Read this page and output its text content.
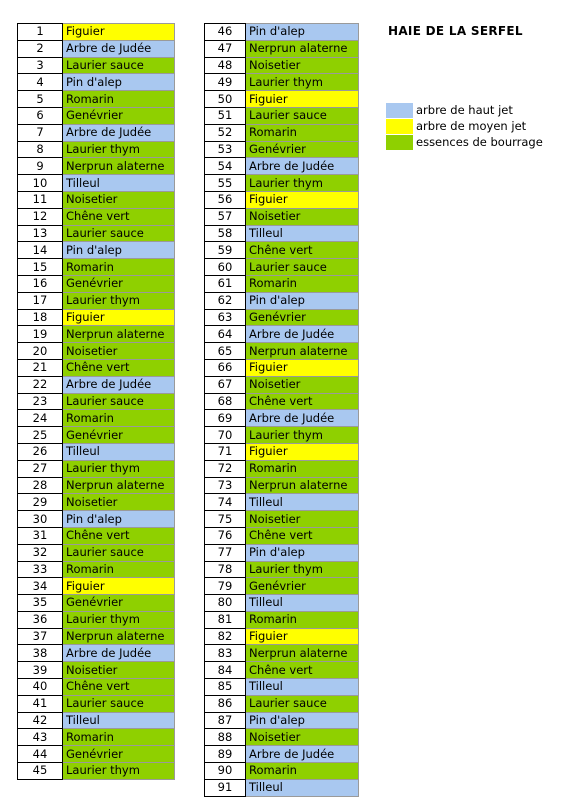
1	Figuier
2	Arbre de Judée
3	Laurier sauce
4	Pin d'alep
5	Romarin
6	Genévrier
7	Arbre de Judée
8	Laurier thym
9	Nerprun alaterne
10	Tilleul
11	Noisetier
12	Chêne vert
13	Laurier sauce
14	Pin d'alep
15	Romarin
16	Genévrier
17	Laurier thym
18	Figuier
19	Nerprun alaterne
20	Noisetier
21	Chêne vert
22	Arbre de Judée
23	Laurier sauce
24	Romarin
25	Genévrier
26	Tilleul
27	Laurier thym
28	Nerprun alaterne
29	Noisetier
30	Pin d'alep
31	Chêne vert
32	Laurier sauce
33	Romarin
34	Figuier
35	Genévrier
36	Laurier thym
37	Nerprun alaterne
38	Arbre de Judée
39	Noisetier
40	Chêne vert
41	Laurier sauce
42	Tilleul
43	Romarin
44	Genévrier
45	Laurier thym
46	Pin d'alep
47	Nerprun alaterne
48	Noisetier
49	Laurier thym
50	Figuier
51	Laurier sauce
52	Romarin
53	Genévrier
54	Arbre de Judée
55	Laurier thym
56	Figuier
57	Noisetier
58	Tilleul
59	Chêne vert
60	Laurier sauce
61	Romarin
62	Pin d'alep
63	Genévrier
64	Arbre de Judée
65	Nerprun alaterne
66	Figuier
67	Noisetier
68	Chêne vert
69	Arbre de Judée
70	Laurier thym
71	Figuier
72	Romarin
73	Nerprun alaterne
74	Tilleul
75	Noisetier
76	Chêne vert
77	Pin d'alep
78	Laurier thym
79	Genévrier
80	Tilleul
81	Romarin
82	Figuier
83	Nerprun alaterne
84	Chêne vert
85	Tilleul
86	Laurier sauce
87	Pin d'alep
88	Noisetier
89	Arbre de Judée
90	Romarin
91	Tilleul
HAIE DE LA SERFEL
arbre de haut jet
arbre de moyen jet
essences de bourrage
